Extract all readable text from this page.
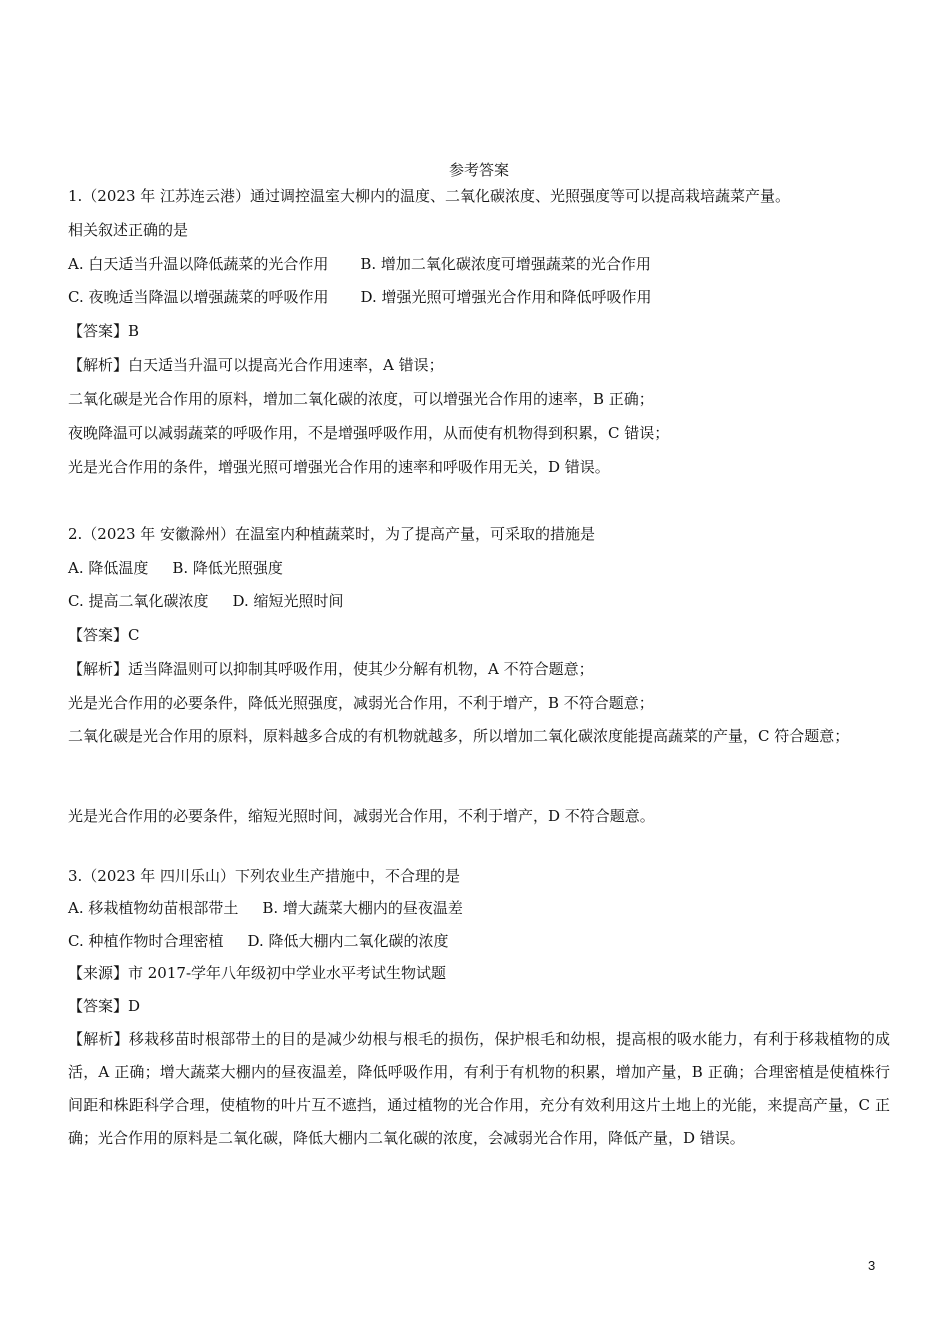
参考答案
1.（2023 年 江苏连云港）通过调控温室大柳内的温度、二氧化碳浓度、光照强度等可以提高栽培蔬菜产量。
相关叙述正确的是
A. 白天适当升温以降低蔬菜的光合作用 B. 增加二氧化碳浓度可增强蔬菜的光合作用
C. 夜晚适当降温以增强蔬菜的呼吸作用 D. 增强光照可增强光合作用和降低呼吸作用
【答案】B
【解析】白天适当升温可以提高光合作用速率，A 错误；
二氧化碳是光合作用的原料，增加二氧化碳的浓度，可以增强光合作用的速率，B 正确；
夜晚降温可以减弱蔬菜的呼吸作用，不是增强呼吸作用，从而使有机物得到积累，C 错误；
光是光合作用的条件，增强光照可增强光合作用的速率和呼吸作用无关，D 错误。
2.（2023 年 安徽滁州）在温室内种植蔬菜时，为了提高产量，可采取的措施是
A. 降低温度 B. 降低光照强度
C. 提高二氧化碳浓度 D. 缩短光照时间
【答案】C
【解析】适当降温则可以抑制其呼吸作用，使其少分解有机物，A 不符合题意；
光是光合作用的必要条件，降低光照强度，减弱光合作用，不利于增产，B 不符合题意；
二氧化碳是光合作用的原料，原料越多合成的有机物就越多，所以增加二氧化碳浓度能提高蔬菜的产量，C 符合题意；
光是光合作用的必要条件，缩短光照时间，减弱光合作用，不利于增产，D 不符合题意。
3.（2023 年 四川乐山）下列农业生产措施中，不合理的是
A. 移栽植物幼苗根部带土 B. 增大蔬菜大棚内的昼夜温差
C. 种植作物时合理密植 D. 降低大棚内二氧化碳的浓度
【来源】市 2017-学年八年级初中学业水平考试生物试题
【答案】D
【解析】移栽移苗时根部带土的目的是减少幼根与根毛的损伤，保护根毛和幼根，提高根的吸水能力，有利于移栽植物的成活，A 正确；增大蔬菜大棚内的昼夜温差，降低呼吸作用，有利于有机物的积累，增加产量，B 正确；合理密植是使植株行间距和株距科学合理，使植物的叶片互不遮挡，通过植物的光合作用，充分有效利用这片土地上的光能，来提高产量，C 正确；光合作用的原料是二氧化碳，降低大棚内二氧化碳的浓度，会减弱光合作用，降低产量，D 错误。
3
